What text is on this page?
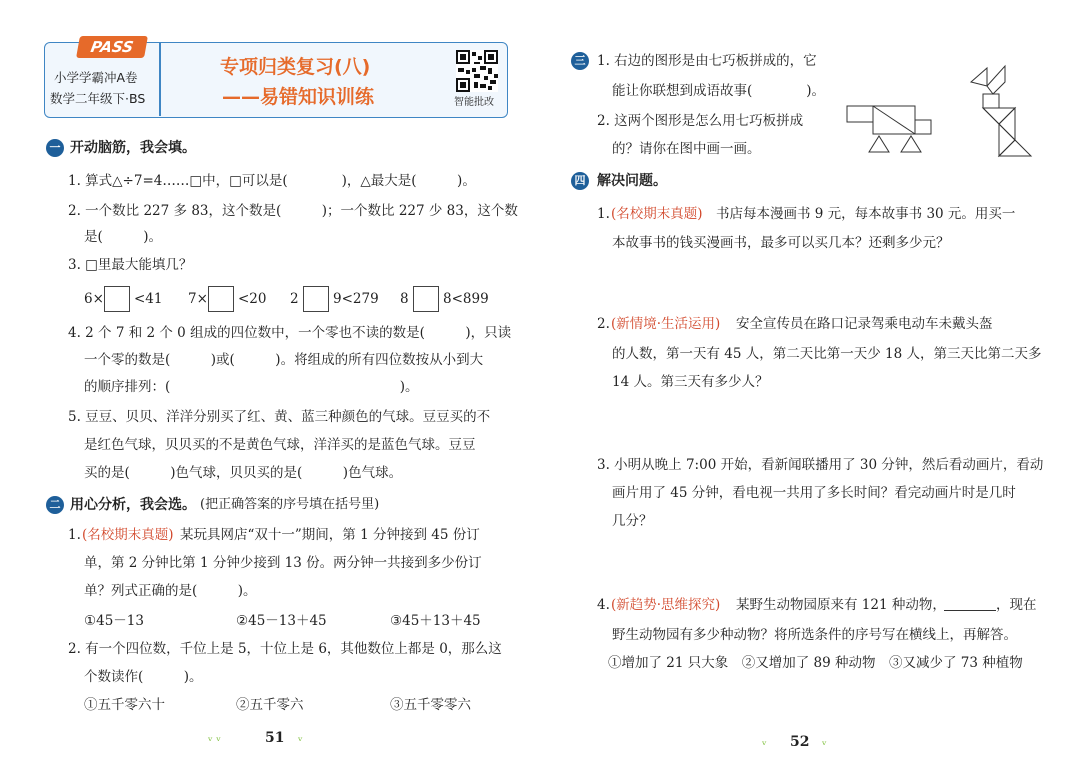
PASS
小学学霸冲A卷
数学二年级下·BS
专项归类复习(八)
——易错知识训练	智能批改
一 开动脑筋，我会填。
1. 算式△÷7=4……□中，□可以是(　　　　)，△最大是(　　　)。
2. 一个数比 227 多 83，这个数是(　　　)；一个数比 227 少 83，这个数
是(　　　)。
3. □里最大能填几？
6× <41 7× <20 2	9<279 8	8<899
4. 2 个 7 和 2 个 0 组成的四位数中，一个零也不读的数是(　　　)，只读
一个零的数是(　　　)或(　　　)。将组成的所有四位数按从小到大
的顺序排列：(　　　　　　　　　　　　　　　　　)。
5. 豆豆、贝贝、洋洋分别买了红、黄、蓝三种颜色的气球。豆豆买的不
是红色气球，贝贝买的不是黄色气球，洋洋买的是蓝色气球。豆豆
买的是(　　　)色气球，贝贝买的是(　　　)色气球。
二 用心分析，我会选。 (把正确答案的序号填在括号里)
1. (名校期末真题) 某玩具网店“双十一”期间，第 1 分钟接到 45 份订
单，第 2 分钟比第 1 分钟少接到 13 份。两分钟一共接到多少份订
单？列式正确的是(　　　)。
①45－13	②45－13＋45	③45＋13＋45
2. 有一个四位数，千位上是 5，十位上是 6，其他数位上都是 0，那么这
个数读作(　　　)。
①五千零六十	②五千零六	③五千零零六
ᵥ ᵥ	51 ᵥ
三 1. 右边的图形是由七巧板拼成的，它
能让你联想到成语故事(　　　　)。
2. 这两个图形是怎么用七巧板拼成
的？请你在图中画一画。
四 解决问题。
1. (名校期末真题) 书店每本漫画书 9 元，每本故事书 30 元。用买一
本故事书的钱买漫画书，最多可以买几本？还剩多少元？
2. (新情境·生活运用) 安全宣传员在路口记录驾乘电动车未戴头盔
的人数，第一天有 45 人，第二天比第一天少 18 人，第三天比第二天多
14 人。第三天有多少人？
3. 小明从晚上 7:00 开始，看新闻联播用了 30 分钟，然后看动画片，看动
画片用了 45 分钟，看电视一共用了多长时间？看完动画片时是几时
几分？
4. (新趋势·思维探究) 某野生动物园原来有 121 种动物，	，现在
野生动物园有多少种动物？将所选条件的序号写在横线上，再解答。
①增加了 21 只大象　②又增加了 89 种动物　③又减少了 73 种植物
ᵥ 52 ᵥ
